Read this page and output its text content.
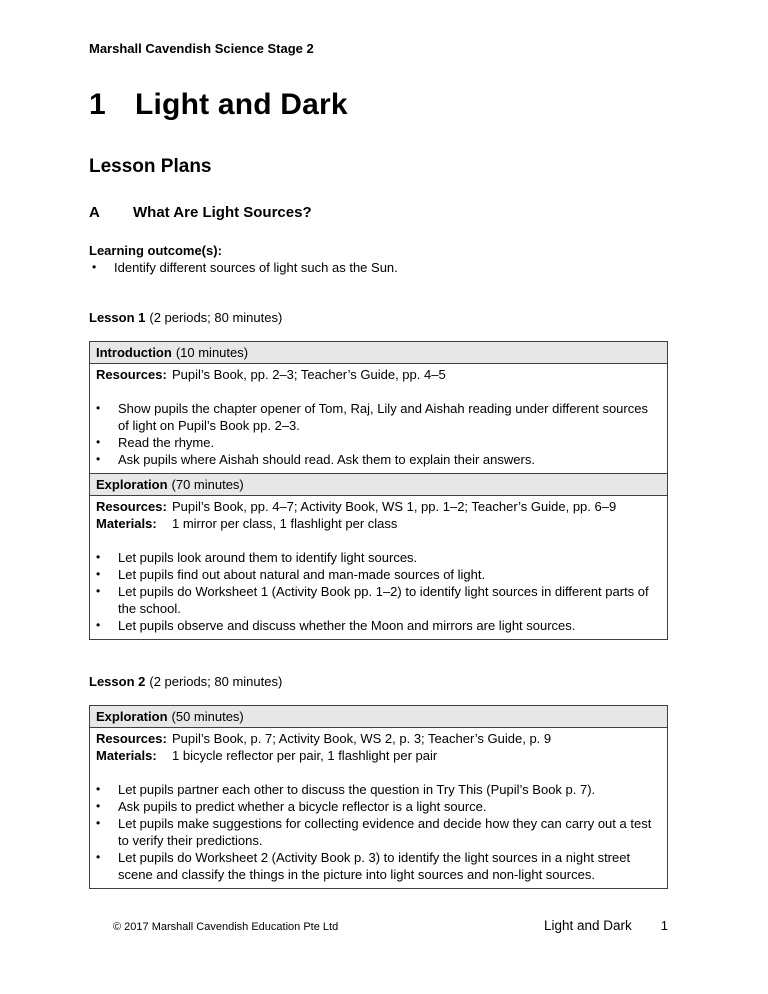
Marshall Cavendish Science Stage 2
1 Light and Dark
Lesson Plans
A	What Are Light Sources?
Learning outcome(s):
•	Identify different sources of light such as the Sun.

Lesson 1 (2 periods; 80 minutes)

Introduction (10 minutes)
Resources: Pupil’s Book, pp. 2–3; Teacher’s Guide, pp. 4–5
•	Show pupils the chapter opener of Tom, Raj, Lily and Aishah reading under different sources of light on Pupil’s Book pp. 2–3.
•	Read the rhyme.
•	Ask pupils where Aishah should read. Ask them to explain their answers.
Exploration (70 minutes)
Resources: Pupil’s Book, pp. 4–7; Activity Book, WS 1, pp. 1–2; Teacher’s Guide, pp. 6–9
Materials:	1 mirror per class, 1 flashlight per class
•	Let pupils look around them to identify light sources.
•	Let pupils find out about natural and man-made sources of light.
•	Let pupils do Worksheet 1 (Activity Book pp. 1–2) to identify light sources in different parts of the school.
•	Let pupils observe and discuss whether the Moon and mirrors are light sources.

Lesson 2 (2 periods; 80 minutes)

Exploration (50 minutes)
Resources: Pupil’s Book, p. 7; Activity Book, WS 2, p. 3; Teacher’s Guide, p. 9
Materials:	1 bicycle reflector per pair, 1 flashlight per pair
•	Let pupils partner each other to discuss the question in Try This (Pupil’s Book p. 7).
•	Ask pupils to predict whether a bicycle reflector is a light source.
•	Let pupils make suggestions for collecting evidence and decide how they can carry out a test to verify their predictions.
•	Let pupils do Worksheet 2 (Activity Book p. 3) to identify the light sources in a night street scene and classify the things in the picture into light sources and non-light sources.
© 2017 Marshall Cavendish Education Pte Ltd	Light and Dark 1
